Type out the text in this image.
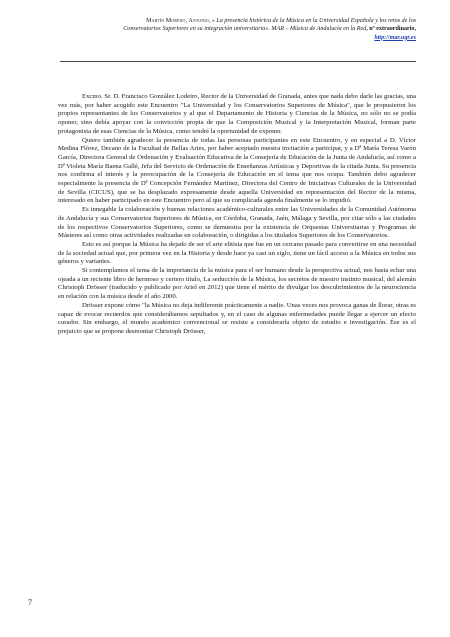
Martín Moreno, Antonio, « La presencia histórica de la Música en la Universidad Española y los retos de los Conservatorios Superiores en su integración universitaria». MAR – Música de Andalucía en la Red, nº extraordinario, http://mar.ugr.es

Excmo. Sr. D. Francisco González Lodeiro, Rector de la Universidad de Granada, antes que nada debo darle las gracias, una vez más, por haber acogido este Encuentro "La Universidad y los Conservatorios Superiores de Música", que le propusieron los propios representantes de los Conservatorios y al que el Departamento de Historia y Ciencias de la Música, no sólo no se podía oponer, sino debía apoyar con la convicción propia de que la Composición Musical y la Interpretación Musical, forman parte protagonista de esas Ciencias de la Música, como tendré la oportunidad de exponer.

Quiero también agradecer la presencia de todas las personas participantes en este Encuentro, y en especial a D. Víctor Medina Flórez, Decano de la Facultad de Bellas Artes, por haber aceptado nuestra invitación a participar, y a Dª María Teresa Varón García, Directora General de Ordenación y Evaluación Educativa de la Consejería de Educación de la Junta de Andalucía, así como a Dª Violeta María Baena Gallé, Jefa del Servicio de Ordenación de Enseñanzas Artísticas y Deportivas de la citada Junta. Su presencia nos confirma el interés y la preocupación de la Consejería de Educación en el tema que nos ocupa. También debo agradecer especialmente la presencia de Dª Concepción Fernández Martínez, Directora del Centro de Iniciativas Culturales de la Universidad de Sevilla (CICUS), que se ha desplazado expresamente desde aquella Universidad en representación del Rector de la misma, interesado en haber participado en este Encuentro pero al que su complicada agenda finalmente se lo impidió.

Es innegable la colaboración y buenas relaciones académico-culturales entre las Universidades de la Comunidad Autónoma de Andalucía y sus Conservatorios Superiores de Música, en Córdoba, Granada, Jaén, Málaga y Sevilla, por citar sólo a las ciudades de los respectivos Conservatorios Superiores, como se demuestra por la existencia de Orquestas Universitarias y Programas de Másteres así como otras actividades realizadas en colaboración, o dirigidas a los titulados Superiores de los Conservatorios.

Esto es así porque la Música ha dejado de ser el arte elitista que fue en un cercano pasado para convertirse en una necesidad de la sociedad actual que, por primera vez en la Historia y desde hace ya casi un siglo, tiene un fácil acceso a la Música en todos sus géneros y variantes.

Si contemplamos el tema de la importancia de la música para el ser humano desde la perspectiva actual, nos basta echar una ojeada a un reciente libro de hermoso y certero título, La seducción de la Música, los secretos de nuestro instinto musical, del alemán Christoph Drösser (traducido y publicado por Ariel en 2012) que tiene el mérito de divulgar los descubrimientos de la neurociencia en relación con la música desde el año 2000.

Drösser expone cómo "la Música no deja indiferente prácticamente a nadie. Unas veces nos provoca ganas de llorar, otras es capaz de evocar recuerdos que considerábamos sepultados y, en el caso de algunas enfermedades puede llegar a ejercer un efecto curador. Sin embargo, el mundo académico convencional se resiste a considerarla objeto de estudio e investigación. Ése es el prejuicio que se propone desmontar Christoph Drösser,

7
